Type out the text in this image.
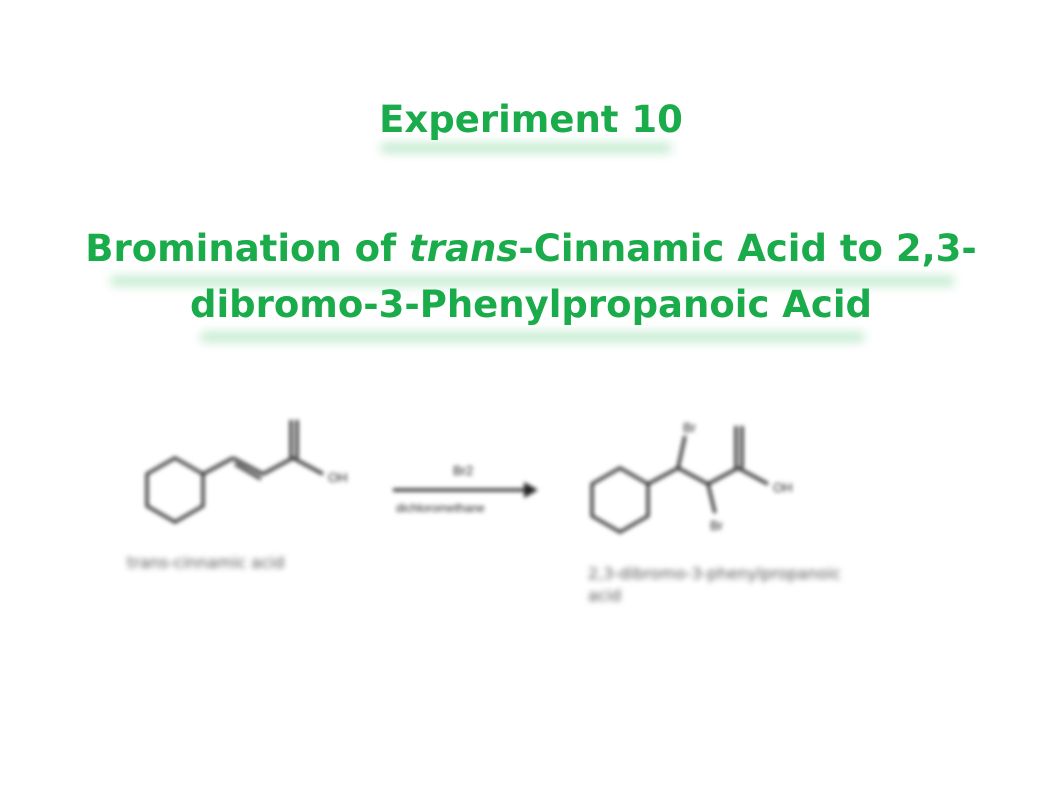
Experiment 10
Bromination of trans-Cinnamic Acid to 2,3-
dibromo-3-Phenylpropanoic Acid
OH	Br2
dichloromethane
Br
Br
OH
trans-cinnamic acid
2,3-dibromo-3-phenylpropanoic
acid
